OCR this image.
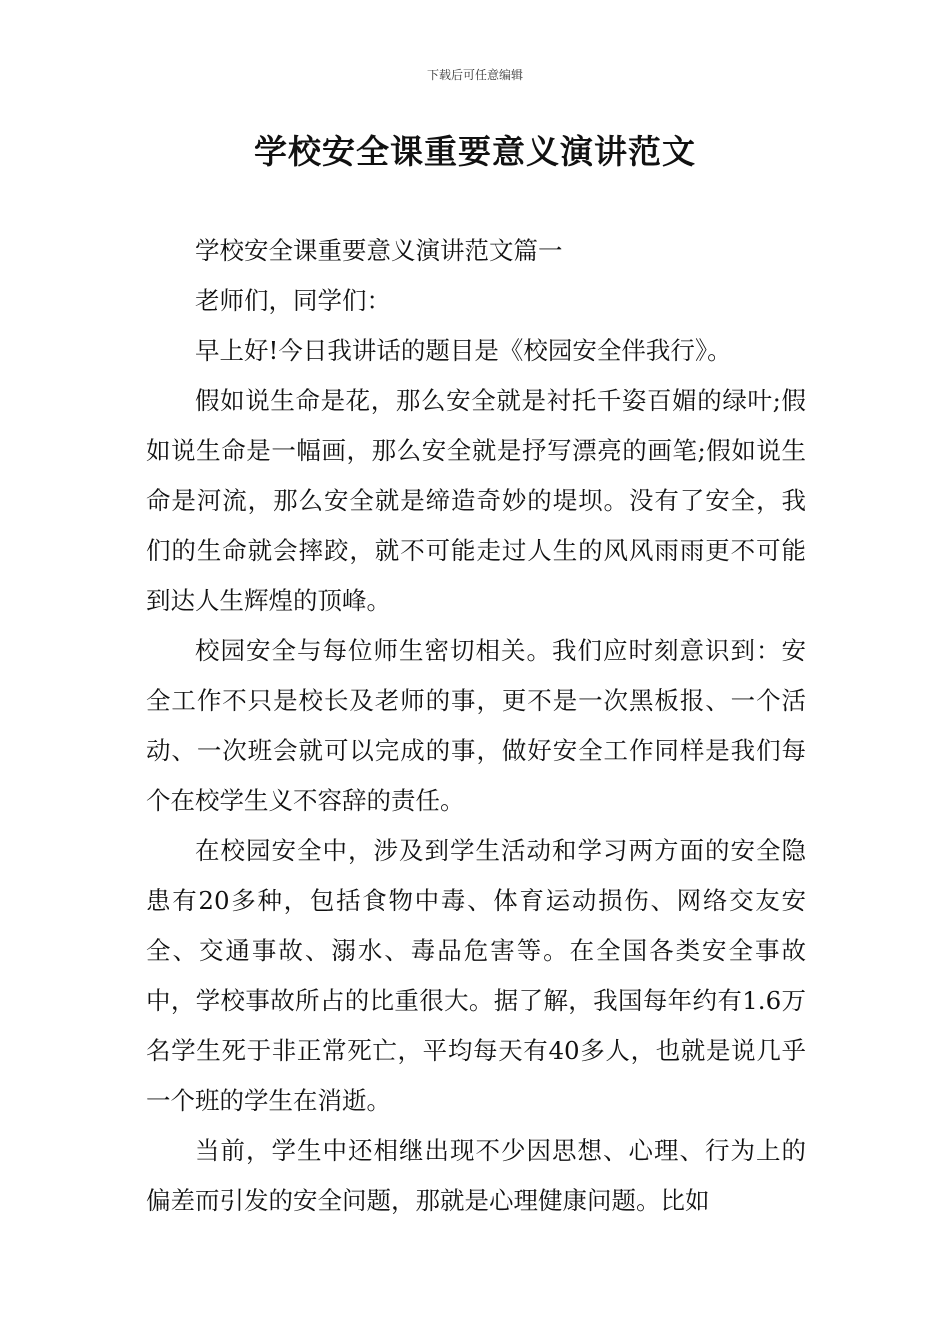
下载后可任意编辑
学校安全课重要意义演讲范文

学校安全课重要意义演讲范文篇一

老师们，同学们：

早上好!今日我讲话的题目是《校园安全伴我行》。

假如说生命是花，那么安全就是衬托千姿百媚的绿叶;假如说生命是一幅画，那么安全就是抒写漂亮的画笔;假如说生命是河流，那么安全就是缔造奇妙的堤坝。没有了安全，我们的生命就会摔跤，就不可能走过人生的风风雨雨更不可能到达人生辉煌的顶峰。

校园安全与每位师生密切相关。我们应时刻意识到：安全工作不只是校长及老师的事，更不是一次黑板报、一个活动、一次班会就可以完成的事，做好安全工作同样是我们每个在校学生义不容辞的责任。

在校园安全中，涉及到学生活动和学习两方面的安全隐患有20多种，包括食物中毒、体育运动损伤、网络交友安全、交通事故、溺水、毒品危害等。在全国各类安全事故中，学校事故所占的比重很大。据了解，我国每年约有1.6万名学生死于非正常死亡，平均每天有40多人，也就是说几乎一个班的学生在消逝。

当前，学生中还相继出现不少因思想、心理、行为上的偏差而引发的安全问题，那就是心理健康问题。比如
